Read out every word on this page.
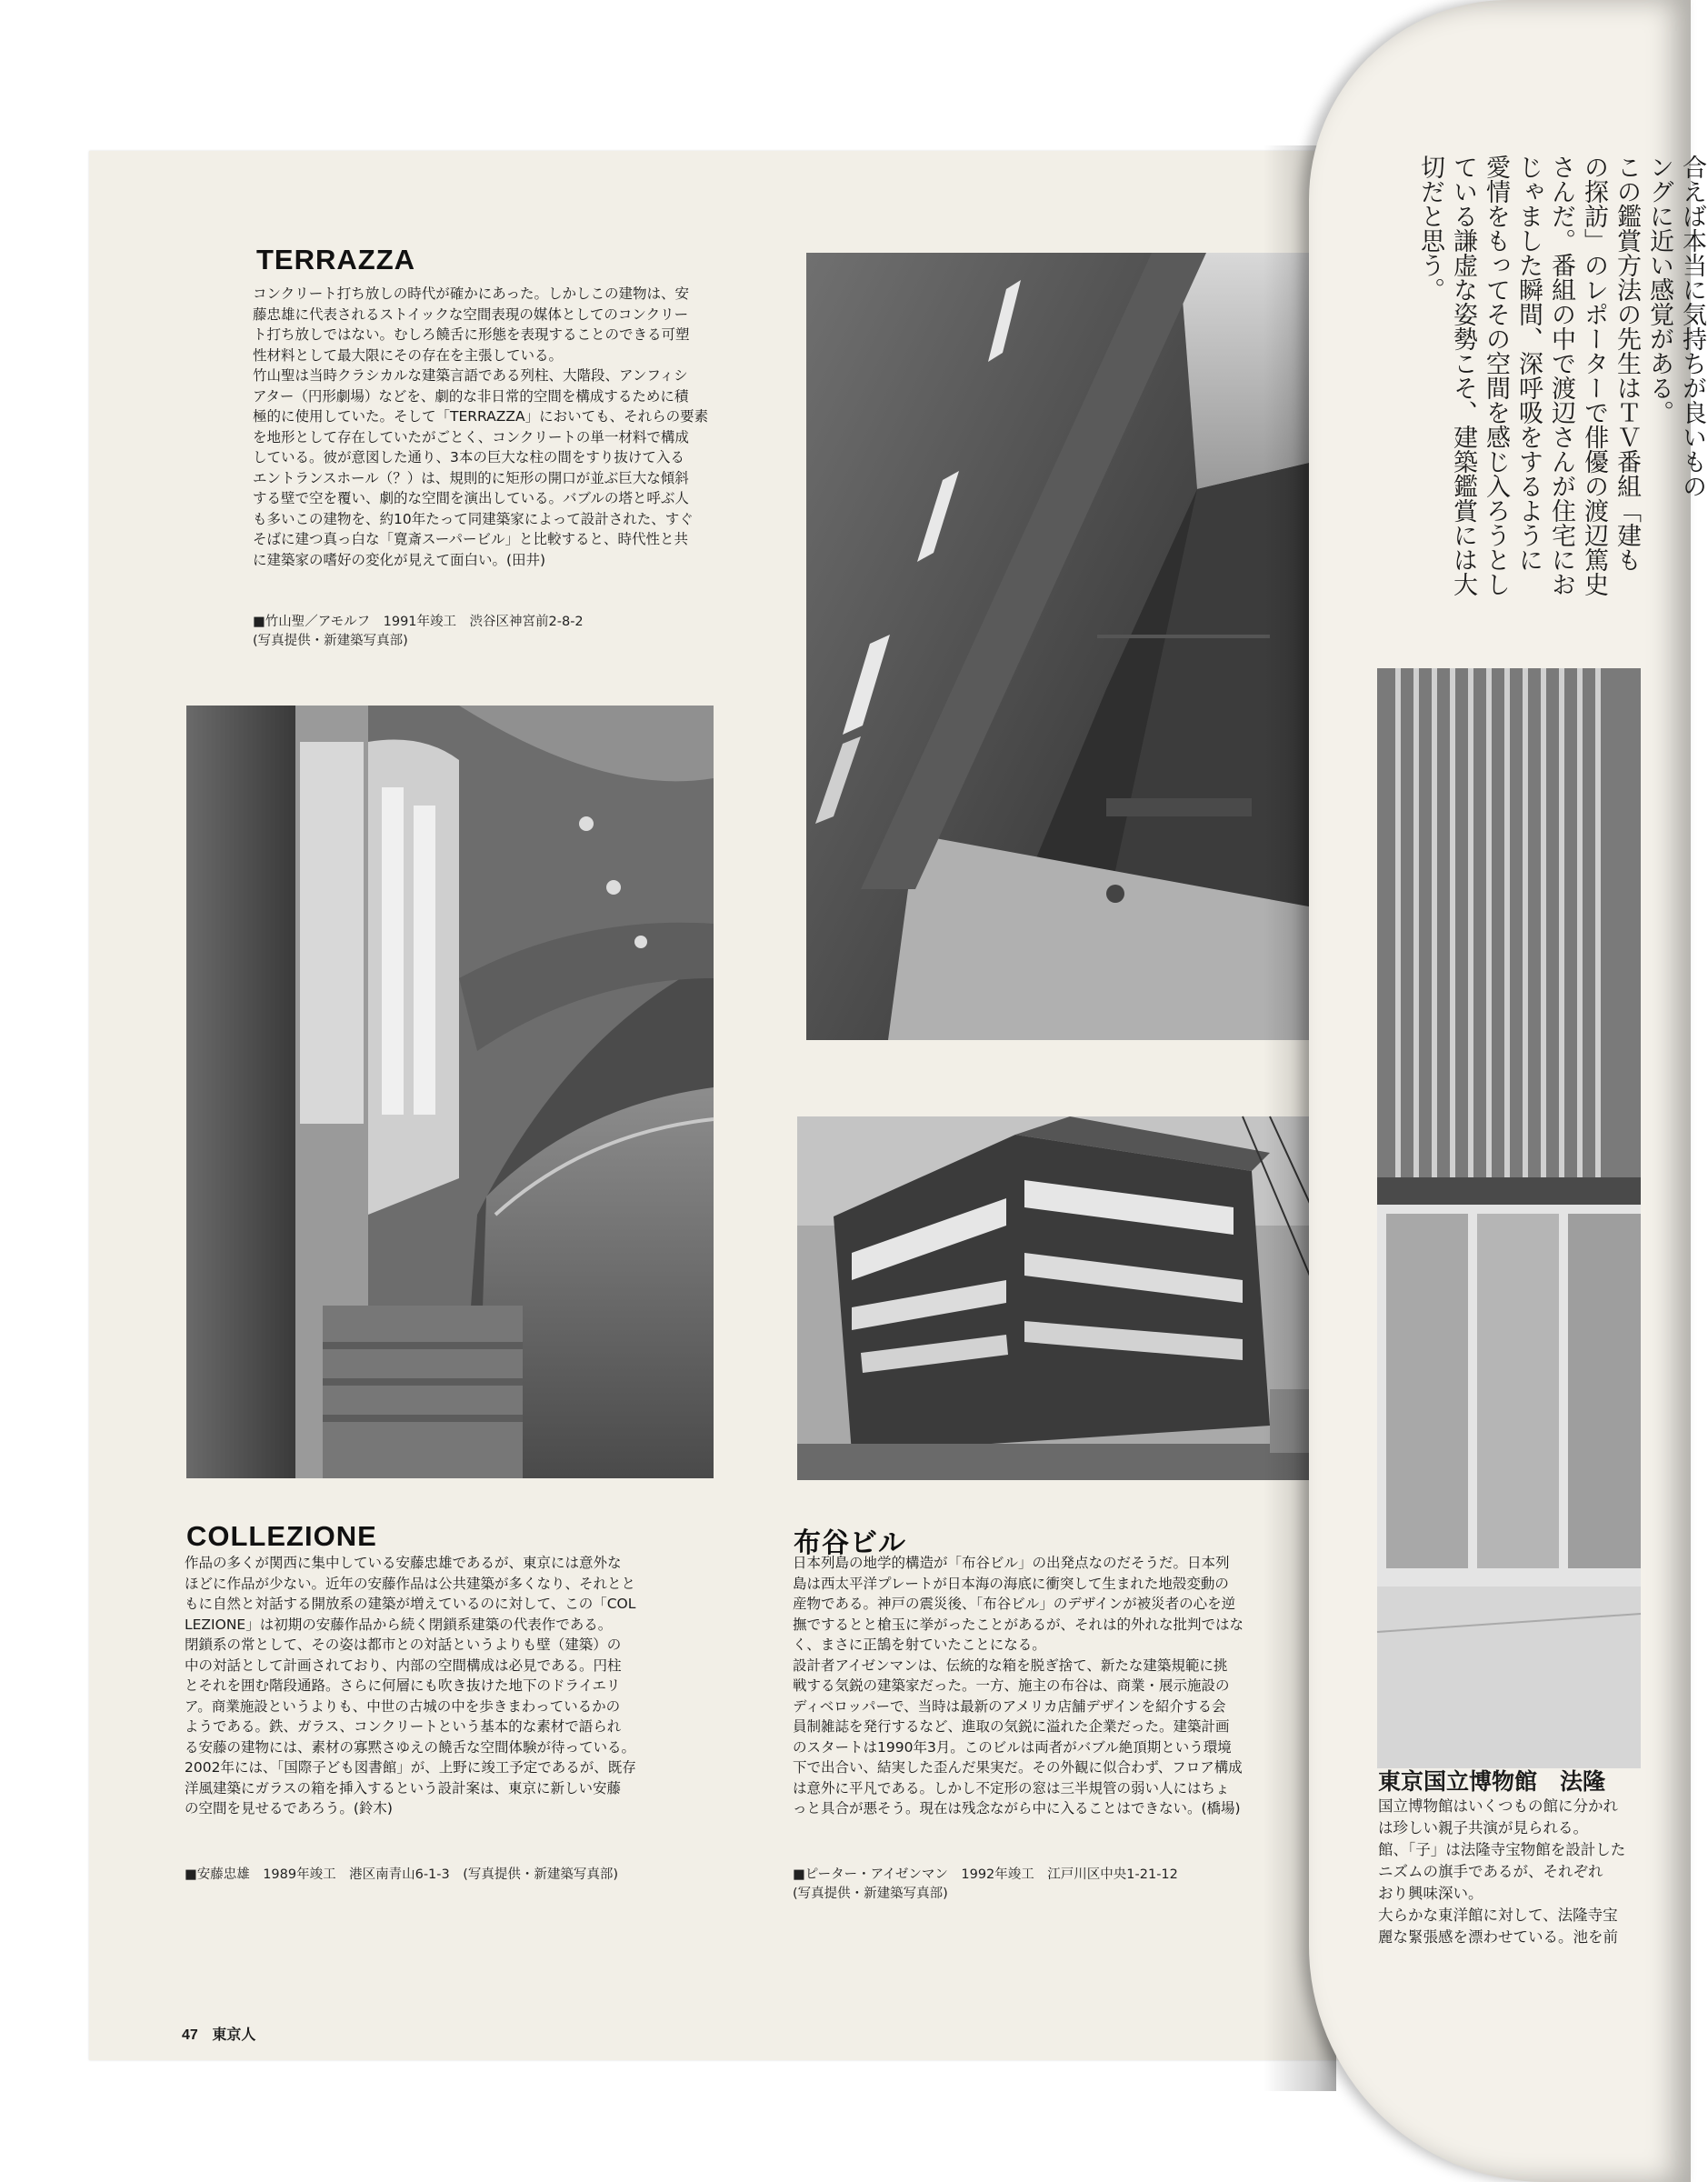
TERRAZZA
コンクリート打ち放しの時代が確かにあった。しかしこの建物は、安
藤忠雄に代表されるストイックな空間表現の媒体としてのコンクリー
ト打ち放しではない。むしろ饒舌に形態を表現することのできる可塑
性材料として最大限にその存在を主張している。
竹山聖は当時クラシカルな建築言語である列柱、大階段、アンフィシ
アター（円形劇場）などを、劇的な非日常的空間を構成するために積
極的に使用していた。そして「TERRAZZA」においても、それらの要素
を地形として存在していたがごとく、コンクリートの単一材料で構成
している。彼が意図した通り、3本の巨大な柱の間をすり抜けて入る
エントランスホール（？）は、規則的に矩形の開口が並ぶ巨大な傾斜
する壁で空を覆い、劇的な空間を演出している。バブルの塔と呼ぶ人
も多いこの建物を、約10年たって同建築家によって設計された、すぐ
そばに建つ真っ白な「寛斎スーパービル」と比較すると、時代性と共
に建築家の嗜好の変化が見えて面白い。(田井)
■竹山聖／アモルフ　1991年竣工　渋谷区神宮前2-8-2
(写真提供・新建築写真部)
COLLEZIONE
作品の多くが関西に集中している安藤忠雄であるが、東京には意外な
ほどに作品が少ない。近年の安藤作品は公共建築が多くなり、それとと
もに自然と対話する開放系の建築が増えているのに対して、この「COL
LEZIONE」は初期の安藤作品から続く閉鎖系建築の代表作である。
閉鎖系の常として、その姿は都市との対話というよりも壁（建築）の
中の対話として計画されており、内部の空間構成は必見である。円柱
とそれを囲む階段通路。さらに何層にも吹き抜けた地下のドライエリ
ア。商業施設というよりも、中世の古城の中を歩きまわっているかの
ようである。鉄、ガラス、コンクリートという基本的な素材で語られ
る安藤の建物には、素材の寡黙さゆえの饒舌な空間体験が待っている。
2002年には、「国際子ども図書館」が、上野に竣工予定であるが、既存
洋風建築にガラスの箱を挿入するという設計案は、東京に新しい安藤
の空間を見せるであろう。(鈴木)
■安藤忠雄　1989年竣工　港区南青山6-1-3　(写真提供・新建築写真部)
布谷ビル
日本列島の地学的構造が「布谷ビル」の出発点なのだそうだ。日本列
島は西太平洋プレートが日本海の海底に衝突して生まれた地殻変動の
産物である。神戸の震災後、「布谷ビル」のデザインが被災者の心を逆
撫でするとと槍玉に挙がったことがあるが、それは的外れな批判ではな
く、まさに正鵠を射ていたことになる。
設計者アイゼンマンは、伝統的な箱を脱ぎ捨て、新たな建築規範に挑
戦する気鋭の建築家だった。一方、施主の布谷は、商業・展示施設の
ディベロッパーで、当時は最新のアメリカ店舗デザインを紹介する会
員制雑誌を発行するなど、進取の気鋭に溢れた企業だった。建築計画
のスタートは1990年3月。このビルは両者がバブル絶頂期という環境
下で出合い、結実した歪んだ果実だ。その外観に似合わず、フロア構成
は意外に平凡である。しかし不定形の窓は三半規管の弱い人にはちょ
っと具合が悪そう。現在は残念ながら中に入ることはできない。(橋場)
■ピーター・アイゼンマン　1992年竣工　江戸川区中央1-21-12
(写真提供・新建築写真部)
47 東京人
合えば本当に気持ちが良いもの
ングに近い感覚がある。
この鑑賞方法の先生はＴＶ番組「建も
の探訪」のレポーターで俳優の渡辺篤史
さんだ。番組の中で渡辺さんが住宅にお
じゃました瞬間、深呼吸をするように
愛情をもってその空間を感じ入ろうとし
ている謙虚な姿勢こそ、建築鑑賞には大
切だと思う。
東京国立博物館　法隆
国立博物館はいくつもの館に分かれ
は珍しい親子共演が見られる。
館、「子」は法隆寺宝物館を設計した
ニズムの旗手であるが、それぞれ
おり興味深い。
大らかな東洋館に対して、法隆寺宝
麗な緊張感を漂わせている。池を前
